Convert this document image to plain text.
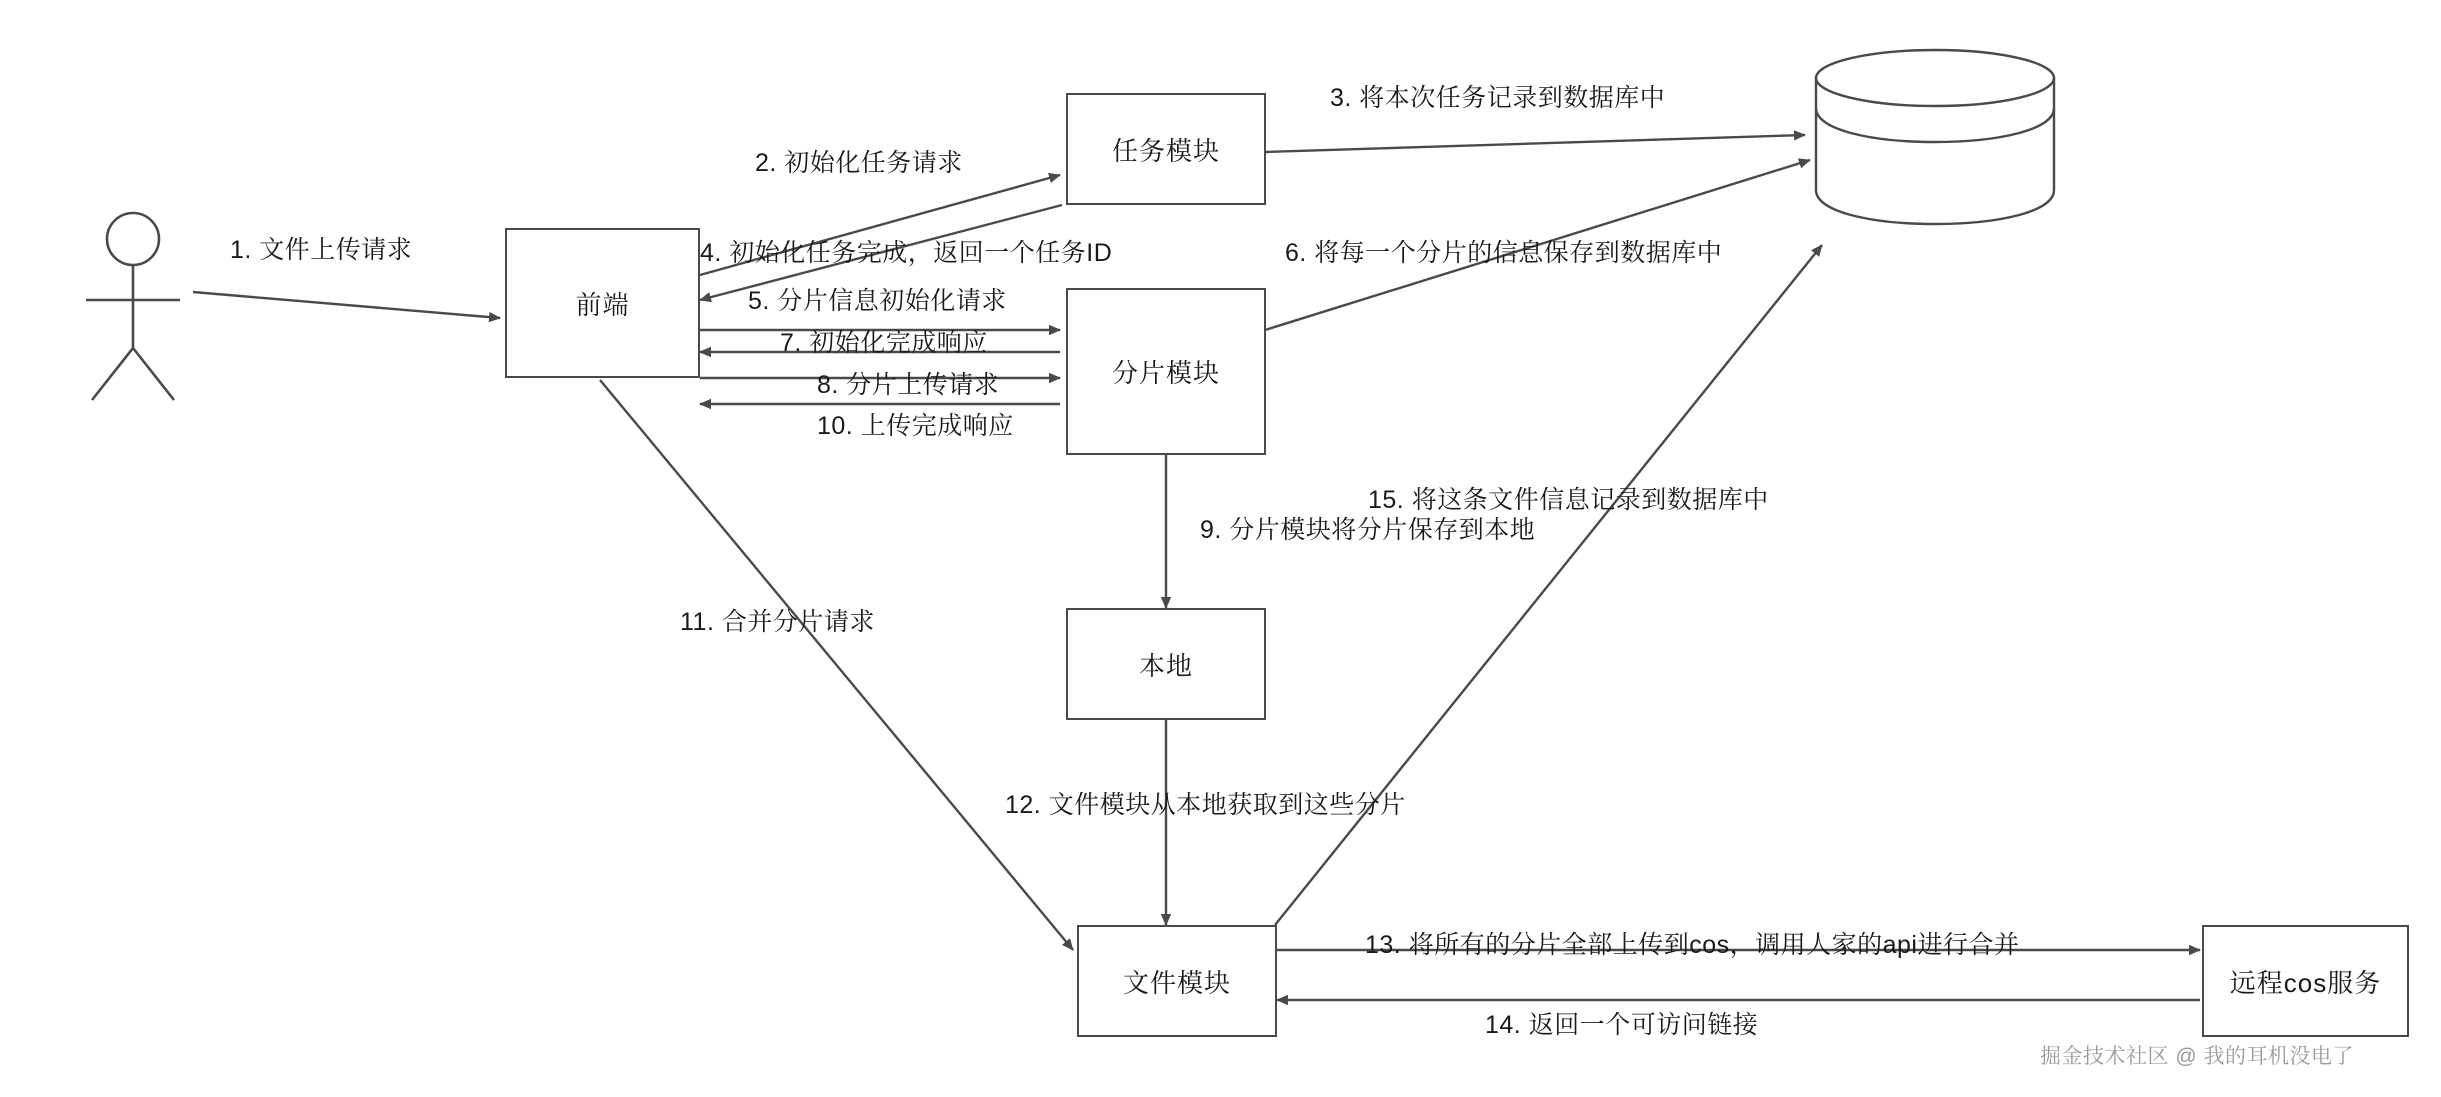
前端
任务模块
分片模块
本地
文件模块	远程cos服务
1. 文件上传请求
2. 初始化任务请求
3. 将本次任务记录到数据库中
4. 初始化任务完成，返回一个任务ID
5. 分片信息初始化请求
6. 将每一个分片的信息保存到数据库中
7. 初始化完成响应
8. 分片上传请求
9. 分片模块将分片保存到本地
10. 上传完成响应
11. 合并分片请求
12. 文件模块从本地获取到这些分片
13. 将所有的分片全部上传到cos，调用人家的api进行合并
14. 返回一个可访问链接
15. 将这条文件信息记录到数据库中
掘金技术社区 @ 我的耳机没电了
